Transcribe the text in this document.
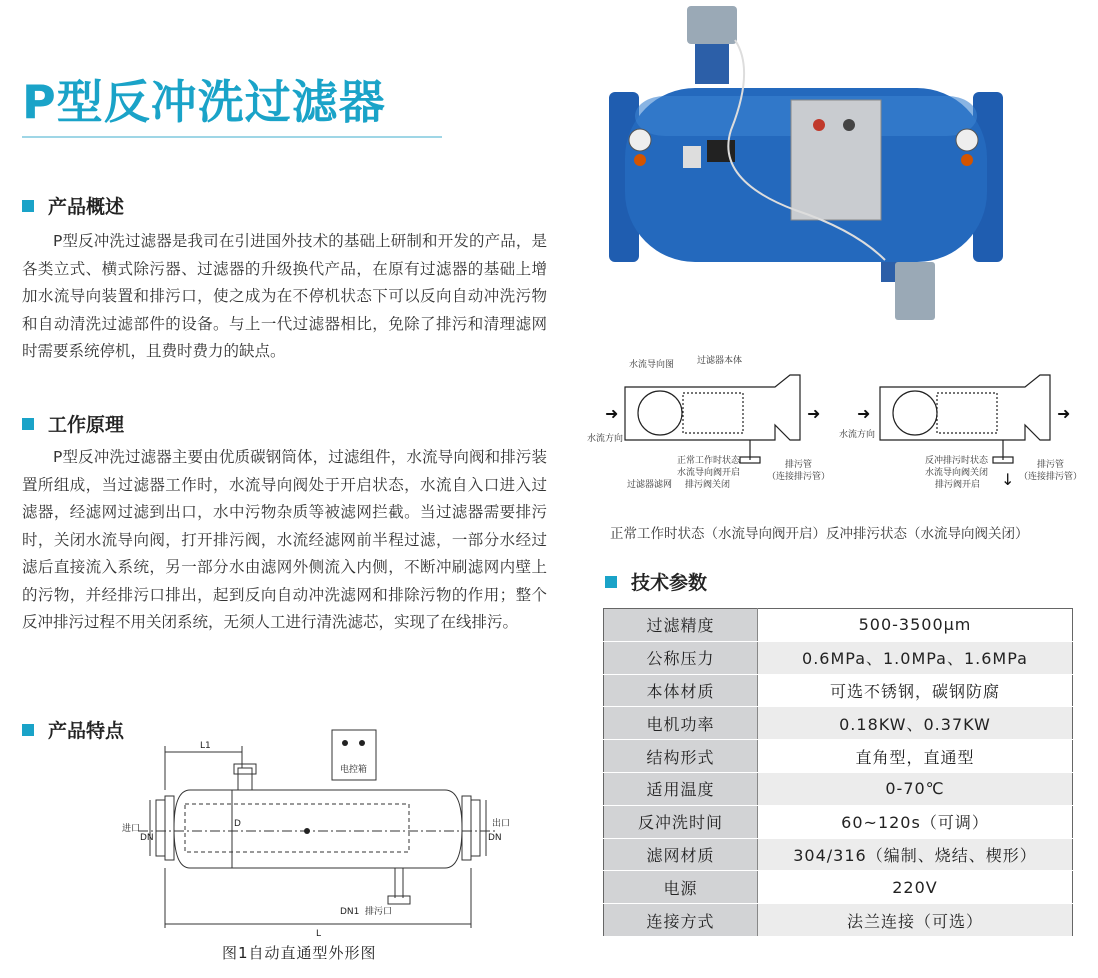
P型反冲洗过滤器
产品概述
P型反冲洗过滤器是我司在引进国外技术的基础上研制和开发的产品，是各类立式、横式除污器、过滤器的升级换代产品，在原有过滤器的基础上增加水流导向装置和排污口，使之成为在不停机状态下可以反向自动冲洗污物和自动清洗过滤部件的设备。与上一代过滤器相比，免除了排污和清理滤网时需要系统停机，且费时费力的缺点。
工作原理
P型反冲洗过滤器主要由优质碳钢筒体，过滤组件，水流导向阀和排污装置所组成，当过滤器工作时，水流导向阀处于开启状态，水流自入口进入过滤器，经滤网过滤到出口，水中污物杂质等被滤网拦截。当过滤器需要排污时，关闭水流导向阀，打开排污阀，水流经滤网前半程过滤，一部分水经过滤后直接流入系统，另一部分水由滤网外侧流入内侧，不断冲刷滤网内壁上的污物，并经排污口排出，起到反向自动冲洗滤网和排除污物的作用；整个反冲排污过程不用关闭系统，无须人工进行清洗滤芯，实现了在线排污。
产品特点
L1
L
D
DN	DN
进口	出口
DN1 排污口
电控箱
图1自动直通型外形图
➜	➜ ➜	➜
↓
水流导向图	过滤器本体
水流方向
过滤器滤网
正常工作时状态
水流导向阀开启
排污阀关闭
排污管
（连接排污管）
水流方向
反冲排污时状态
水流导向阀关闭
排污阀开启
排污管
（连接排污管）
正常工作时状态（水流导向阀开启）反冲排污状态（水流导向阀关闭）
技术参数
过滤精度	500-3500μm
公称压力	0.6MPa、1.0MPa、1.6MPa
本体材质	可选不锈钢，碳钢防腐
电机功率	0.18KW、0.37KW
结构形式	直角型，直通型
适用温度	0-70℃
反冲洗时间	60~120s（可调）
滤网材质	304/316（编制、烧结、楔形）
电源	220V
连接方式	法兰连接（可选）
